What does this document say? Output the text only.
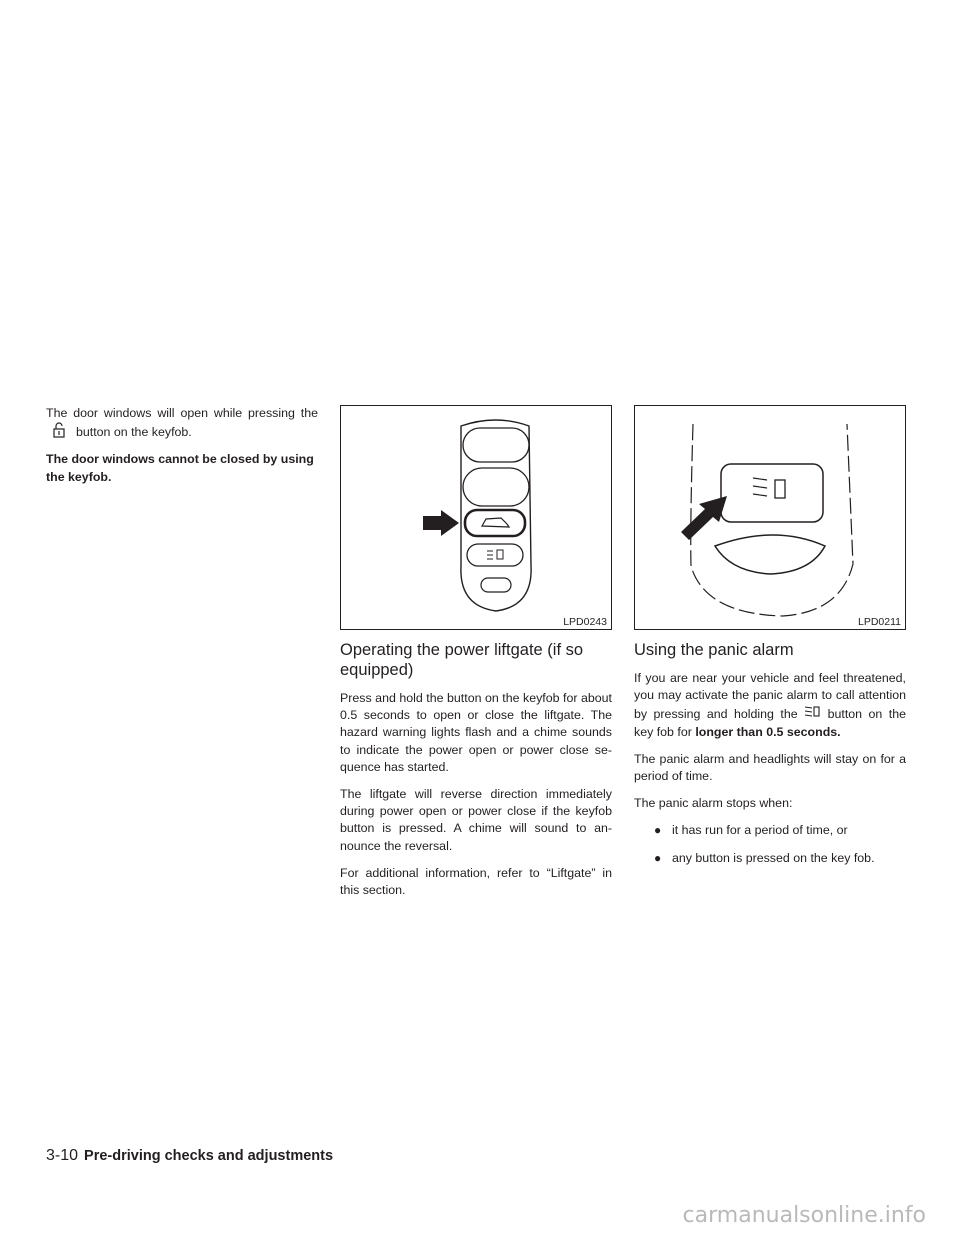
The door windows will open while pressing thebutton on the keyfob.

The door windows cannot be closed by using the keyfob.

LPD0243
Operating the power liftgate (if so equipped)

Press and hold the button on the keyfob for about 0.5 seconds to open or close the liftgate. The hazard warning lights flash and a chime sounds to indicate the power open or power close se- quence has started.

The liftgate will reverse direction immediately during power open or power close if the keyfob button is pressed. A chime will sound to an- nounce the reversal.

For additional information, refer to “Liftgate” in this section.

LPD0211
Using the panic alarm

If you are near your vehicle and feel threatened, you may activate the panic alarm to call attention by pressing and holding the button on the key fob for longer than 0.5 seconds.

The panic alarm and headlights will stay on for a period of time.

The panic alarm stops when:

● it has run for a period of time, or
● any button is pressed on the key fob.
3-10 Pre-driving checks and adjustments
carmanualsonline.info
